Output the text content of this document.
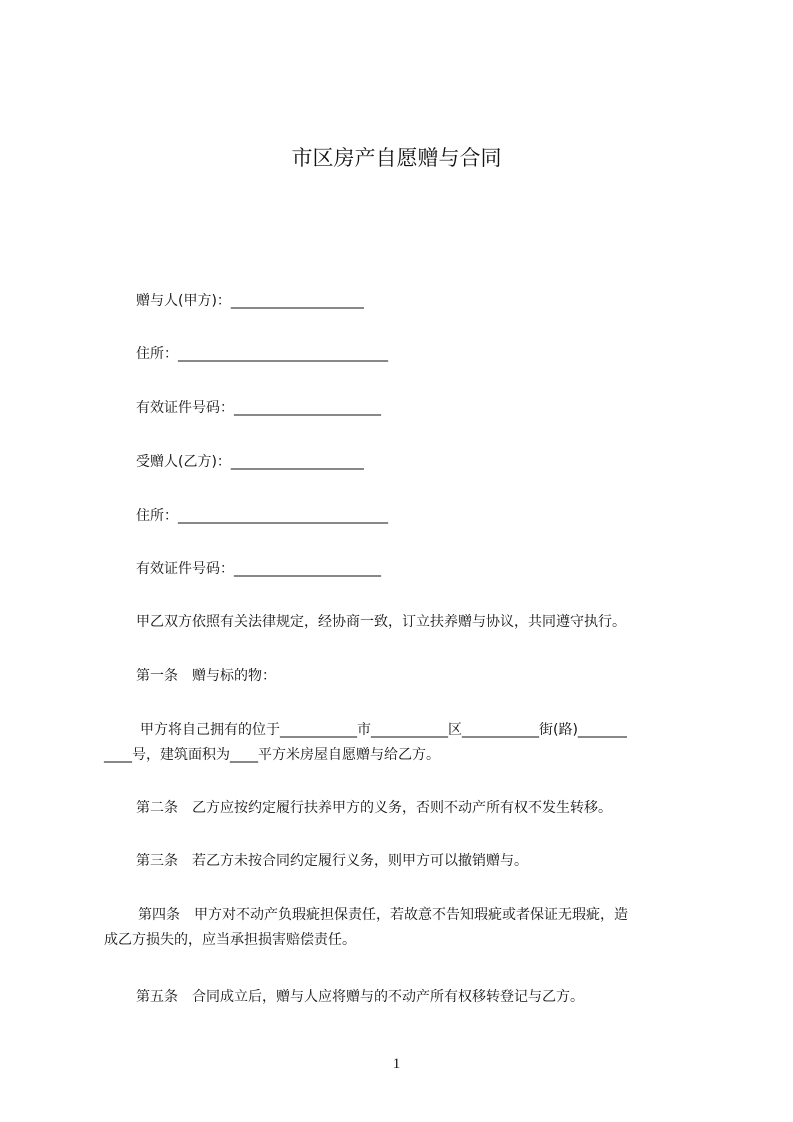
市区房产自愿赠与合同
赠与人(甲方)：___________________
住所：______________________________
有效证件号码：_____________________
受赠人(乙方)：___________________
住所：______________________________
有效证件号码：_____________________
甲乙双方依照有关法律规定，经协商一致，订立扶养赠与协议，共同遵守执行。
第一条　赠与标的物：
甲方将自己拥有的位于___________市___________区___________街(路)_______
____号，建筑面积为____平方米房屋自愿赠与给乙方。
第二条　乙方应按约定履行扶养甲方的义务，否则不动产所有权不发生转移。
第三条　若乙方未按合同约定履行义务，则甲方可以撤销赠与。
第四条　甲方对不动产负瑕疵担保责任，若故意不告知瑕疵或者保证无瑕疵，造
成乙方损失的，应当承担损害赔偿责任。
第五条　合同成立后，赠与人应将赠与的不动产所有权移转登记与乙方。
1
